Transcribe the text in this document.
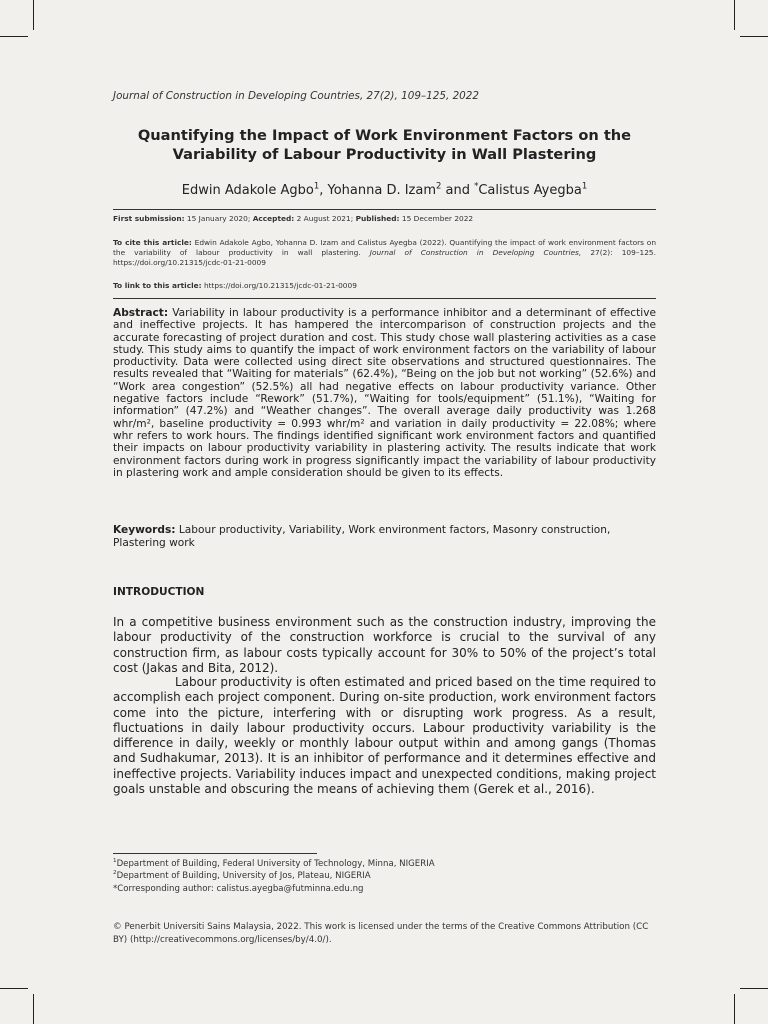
Journal of Construction in Developing Countries, 27(2), 109–125, 2022
Quantifying the Impact of Work Environment Factors on the
Variability of Labour Productivity in Wall Plastering
Edwin Adakole Agbo$^1$, Yohanna D. Izam$^2$ and *Calistus Ayegba$^1$
First submission: 15 January 2020; Accepted: 2 August 2021; Published: 15 December 2022
To cite this article: Edwin Adakole Agbo, Yohanna D. Izam and Calistus Ayegba (2022). Quantifying the impact of work environment factors on the variability of labour productivity in wall plastering. Journal of Construction in Developing Countries, 27(2): 109–125. https://doi.org/10.21315/jcdc-01-21-0009
To link to this article: https://doi.org/10.21315/jcdc-01-21-0009
Abstract: Variability in labour productivity is a performance inhibitor and a determinant of effective and ineffective projects. It has hampered the intercomparison of construction projects and the accurate forecasting of project duration and cost. This study chose wall plastering activities as a case study. This study aims to quantify the impact of work environment factors on the variability of labour productivity. Data were collected using direct site observations and structured questionnaires. The results revealed that “Waiting for materials” (62.4%), “Being on the job but not working” (52.6%) and “Work area congestion” (52.5%) all had negative effects on labour productivity variance. Other negative factors include “Rework” (51.7%), “Waiting for tools/equipment” (51.1%), “Waiting for information” (47.2%) and “Weather changes”. The overall average daily productivity was 1.268 whr/m², baseline productivity = 0.993 whr/m² and variation in daily productivity = 22.08%; where whr refers to work hours. The findings identified significant work environment factors and quantified their impacts on labour productivity variability in plastering activity. The results indicate that work environment factors during work in progress significantly impact the variability of labour productivity in plastering work and ample consideration should be given to its effects.
Keywords: Labour productivity, Variability, Work environment factors, Masonry construction, Plastering work
INTRODUCTION
In a competitive business environment such as the construction industry, improving the labour productivity of the construction workforce is crucial to the survival of any construction firm, as labour costs typically account for 30% to 50% of the project’s total cost (Jakas and Bita, 2012).
Labour productivity is often estimated and priced based on the time required to accomplish each project component. During on-site production, work environment factors come into the picture, interfering with or disrupting work progress. As a result, fluctuations in daily labour productivity occurs. Labour productivity variability is the difference in daily, weekly or monthly labour output within and among gangs (Thomas and Sudhakumar, 2013). It is an inhibitor of performance and it determines effective and ineffective projects. Variability induces impact and unexpected conditions, making project goals unstable and obscuring the means of achieving them (Gerek et al., 2016).
$^1$Department of Building, Federal University of Technology, Minna, NIGERIA
$^2$Department of Building, University of Jos, Plateau, NIGERIA
*Corresponding author: calistus.ayegba@futminna.edu.ng
© Penerbit Universiti Sains Malaysia, 2022. This work is licensed under the terms of the Creative Commons Attribution (CC BY) (http://creativecommons.org/licenses/by/4.0/).
